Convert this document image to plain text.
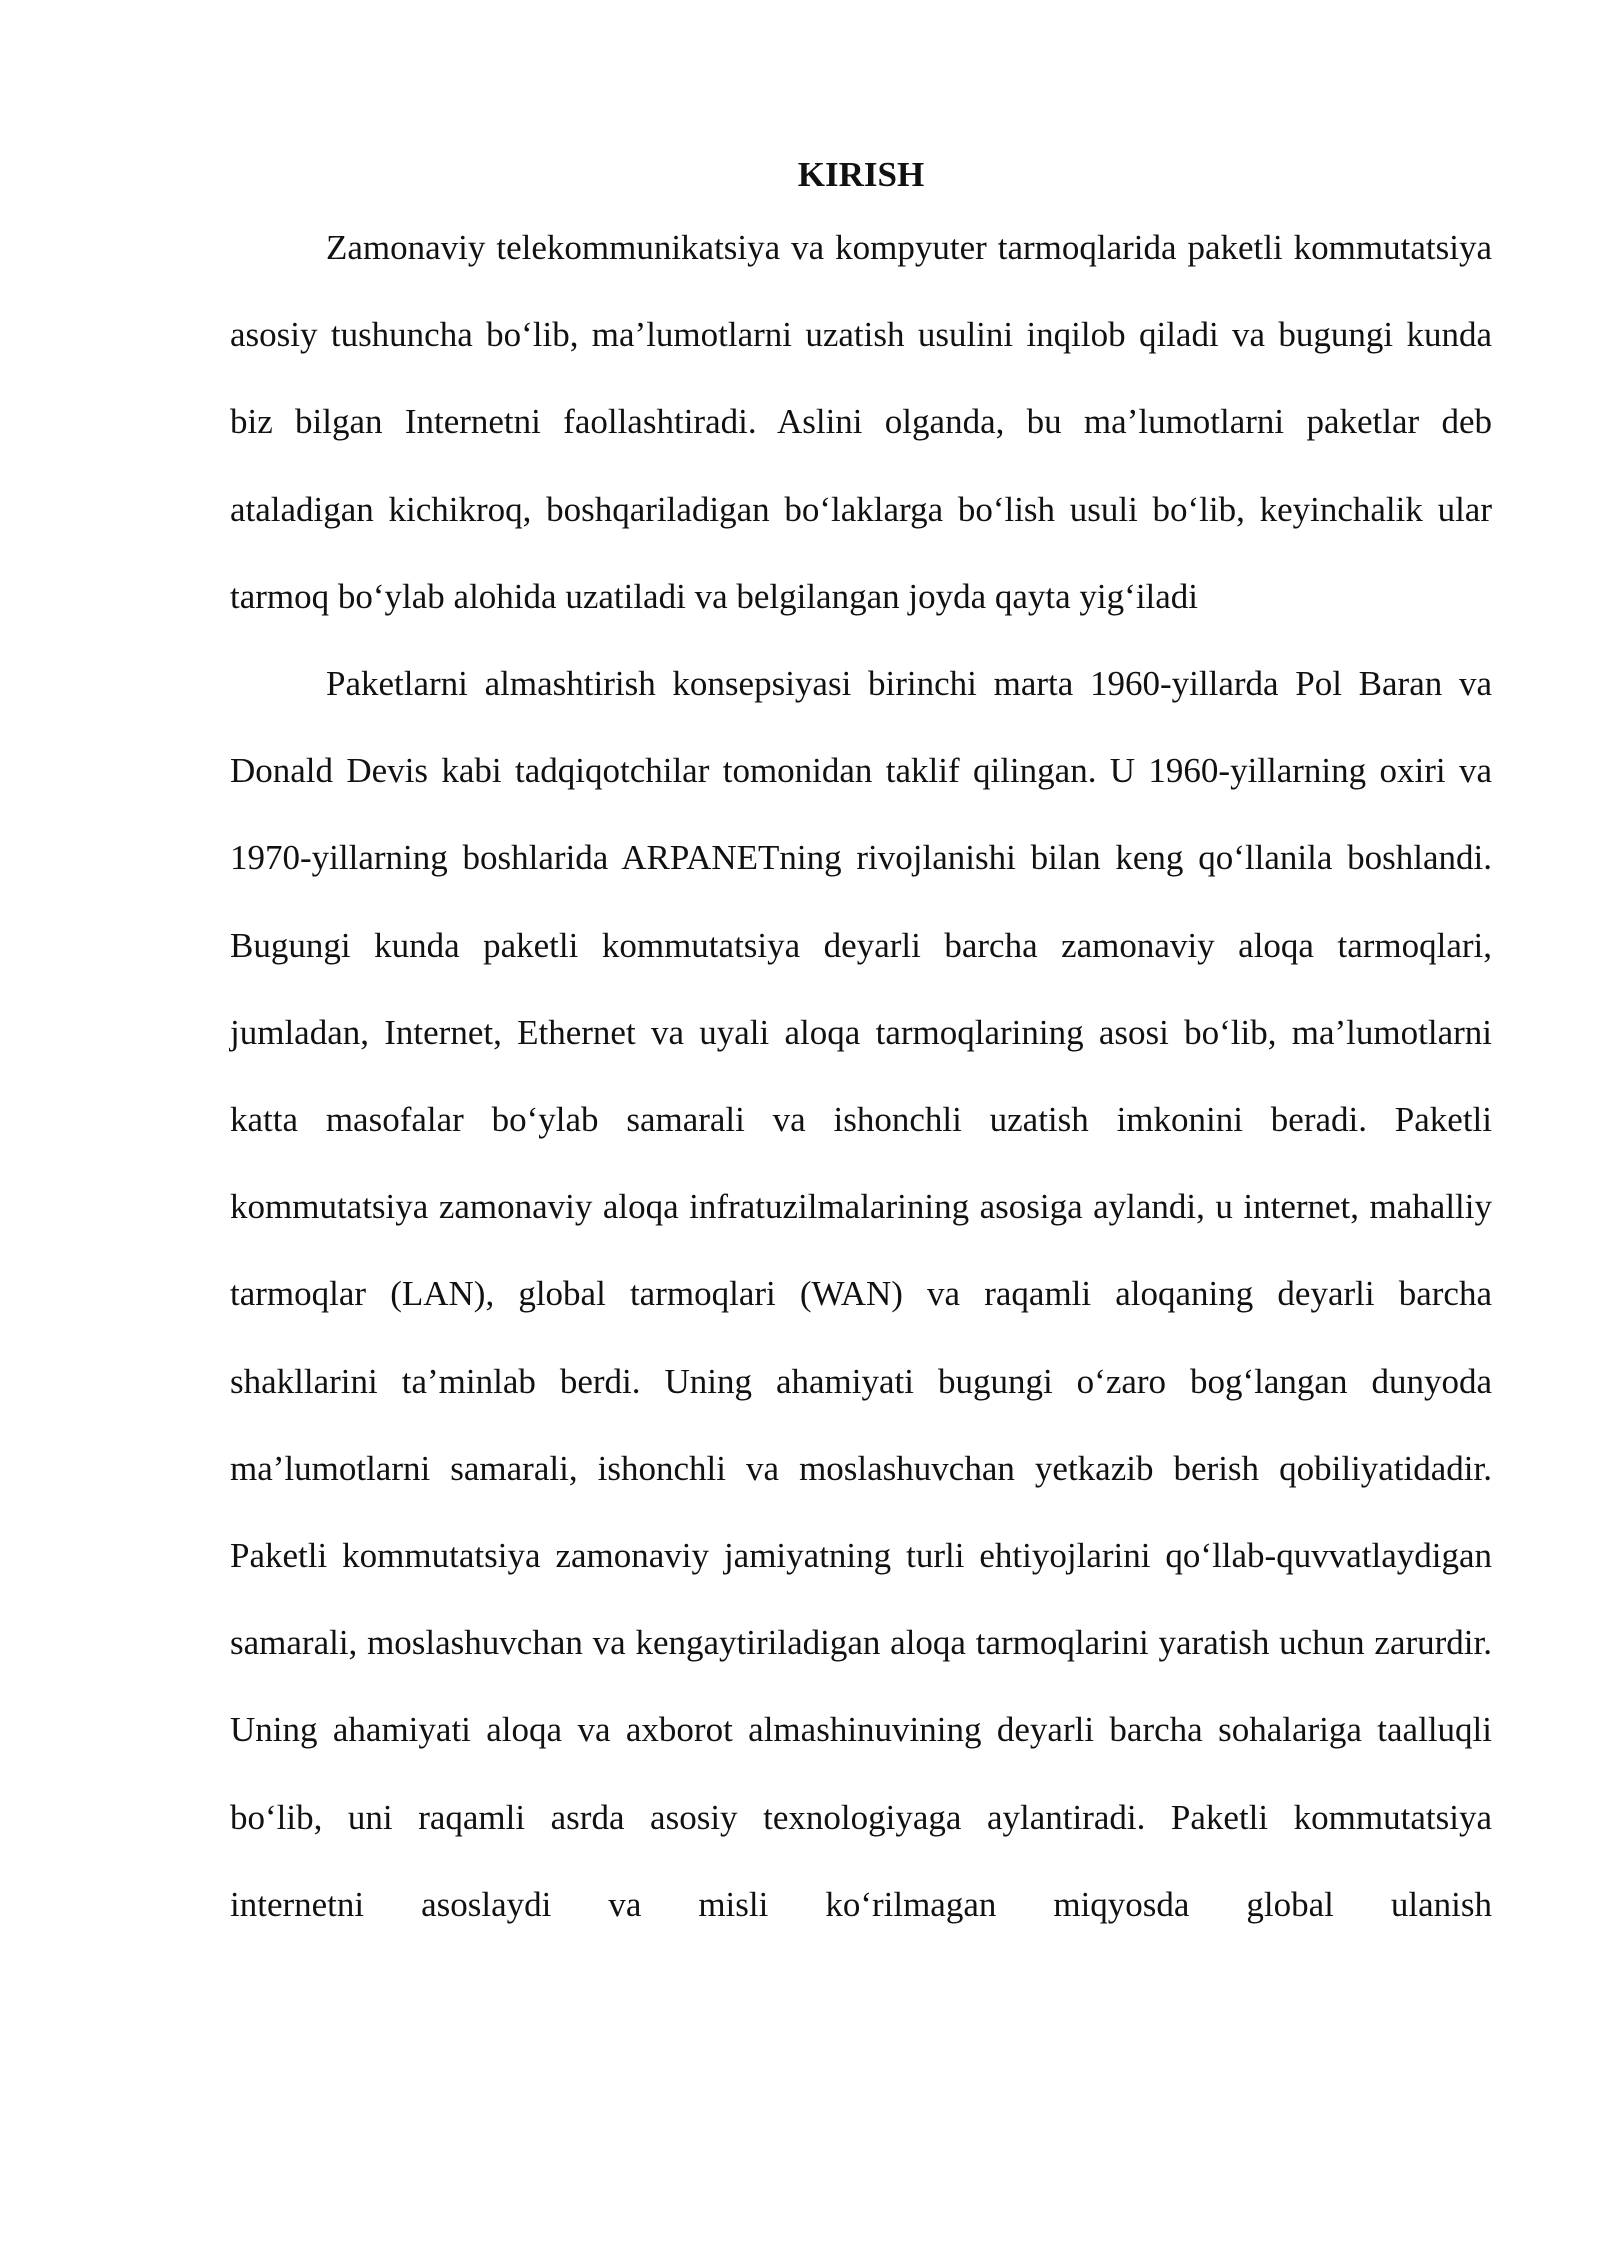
KIRISH

Zamonaviy telekommunikatsiya va kompyuter tarmoqlarida paketli kommutatsiya asosiy tushuncha bo‘lib, ma’lumotlarni uzatish usulini inqilob qiladi va bugungi kunda biz bilgan Internetni faollashtiradi. Aslini olganda, bu ma’lumotlarni paketlar deb ataladigan kichikroq, boshqariladigan bo‘laklarga bo‘lish usuli bo‘lib, keyinchalik ular tarmoq bo‘ylab alohida uzatiladi va belgilangan joyda qayta yig‘iladi

Paketlarni almashtirish konsepsiyasi birinchi marta 1960-yillarda Pol Baran va Donald Devis kabi tadqiqotchilar tomonidan taklif qilingan. U 1960-yillarning oxiri va 1970-yillarning boshlarida ARPANETning rivojlanishi bilan keng qo‘llanila boshlandi. Bugungi kunda paketli kommutatsiya deyarli barcha zamonaviy aloqa tarmoqlari, jumladan, Internet, Ethernet va uyali aloqa tarmoqlarining asosi bo‘lib, ma’lumotlarni katta masofalar bo‘ylab samarali va ishonchli uzatish imkonini beradi. Paketli kommutatsiya zamonaviy aloqa infratuzilmalarining asosiga aylandi, u internet, mahalliy tarmoqlar (LAN), global tarmoqlari (WAN) va raqamli aloqaning deyarli barcha shakllarini ta’minlab berdi. Uning ahamiyati bugungi o‘zaro bog‘langan dunyoda ma’lumotlarni samarali, ishonchli va moslashuvchan yetkazib berish qobiliyatidadir. Paketli kommutatsiya zamonaviy jamiyatning turli ehtiyojlarini qo‘llab-quvvatlaydigan samarali, moslashuvchan va kengaytiriladigan aloqa tarmoqlarini yaratish uchun zarurdir. Uning ahamiyati aloqa va axborot almashinuvining deyarli barcha sohalariga taalluqli bo‘lib, uni raqamli asrda asosiy texnologiyaga aylantiradi. Paketli kommutatsiya internetni asoslaydi va misli ko‘rilmagan miqyosda global ulanish
